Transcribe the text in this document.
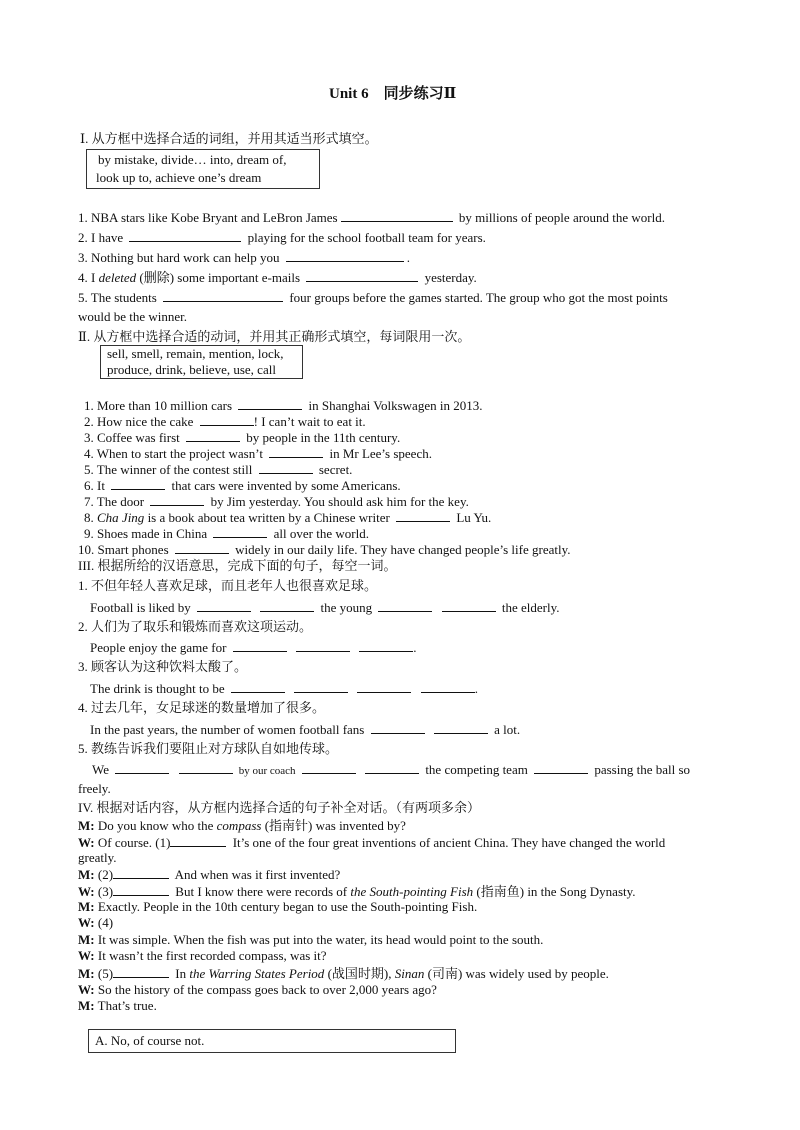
Unit 6　同步练习Ⅱ
Ⅰ. 从方框中选择合适的词组，并用其适当形式填空。
by mistake, divide… into, dream of,
look up to, achieve one’s dream
1. NBA stars like Kobe Bryant and LeBron James	by millions of people around the world.
2. I have	playing for the school football team for years.
3. Nothing but hard work can help you	.
4. I deleted (删除) some important e-mails	yesterday.
5. The students	four groups before the games started. The group who got the most points
would be the winner.
Ⅱ. 从方框中选择合适的动词，并用其正确形式填空，每词限用一次。
sell, smell, remain, mention, lock,
produce, drink, believe, use, call
1. More than 10 million cars	in Shanghai Volkswagen in 2013.
2. How nice the cake	! I can’t wait to eat it.
3. Coffee was first	by people in the 11th century.
4. When to start the project wasn’t	in Mr Lee’s speech.
5. The winner of the contest still	secret.
6. It	that cars were invented by some Americans.
7. The door	by Jim yesterday. You should ask him for the key.
8. Cha Jing is a book about tea written by a Chinese writer	Lu Yu.
9. Shoes made in China	all over the world.
10. Smart phones	widely in our daily life. They have changed people’s life greatly.
III. 根据所给的汉语意思，完成下面的句子，每空一词。
1. 不但年轻人喜欢足球，而且老年人也很喜欢足球。
Football is liked by	the young	the elderly.
2. 人们为了取乐和锻炼而喜欢这项运动。
People enjoy the game for	.
3. 顾客认为这种饮料太酸了。
The drink is thought to be	.
4. 过去几年，女足球迷的数量增加了很多。
In the past years, the number of women football fans	a lot.
5. 教练告诉我们要阻止对方球队自如地传球。
We	by our coach	the competing team	passing the ball so
freely.
IV. 根据对话内容，从方框内选择合适的句子补全对话。（有两项多余）
M: Do you know who the compass (指南针) was invented by?
W: Of course. (1)	It’s one of the four great inventions of ancient China. They have changed the world
greatly.
M: (2)	And when was it first invented?
W: (3)	But I know there were records of the South-pointing Fish (指南鱼) in the Song Dynasty.
M: Exactly. People in the 10th century began to use the South-pointing Fish.
W: (4)
M: It was simple. When the fish was put into the water, its head would point to the south.
W: It wasn’t the first recorded compass, was it?
M: (5)	In the Warring States Period (战国时期), Sinan (司南) was widely used by people.
W: So the history of the compass goes back to over 2,000 years ago?
M: That’s true.
A. No, of course not.
